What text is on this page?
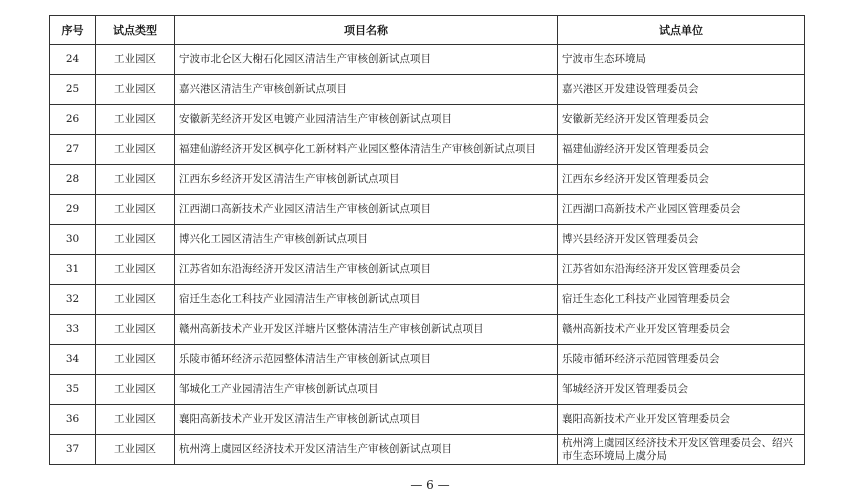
序号	试点类型	项目名称	试点单位
24	工业园区	宁波市北仑区大榭石化园区清洁生产审核创新试点项目	宁波市生态环境局
25	工业园区	嘉兴港区清洁生产审核创新试点项目	嘉兴港区开发建设管理委员会
26	工业园区	安徽新芜经济开发区电镀产业园清洁生产审核创新试点项目	安徽新芜经济开发区管理委员会
27	工业园区	福建仙游经济开发区枫亭化工新材料产业园区整体清洁生产审核创新试点项目	福建仙游经济开发区管理委员会
28	工业园区	江西东乡经济开发区清洁生产审核创新试点项目	江西东乡经济开发区管理委员会
29	工业园区	江西湖口高新技术产业园区清洁生产审核创新试点项目	江西湖口高新技术产业园区管理委员会
30	工业园区	博兴化工园区清洁生产审核创新试点项目	博兴县经济开发区管理委员会
31	工业园区	江苏省如东沿海经济开发区清洁生产审核创新试点项目	江苏省如东沿海经济开发区管理委员会
32	工业园区	宿迁生态化工科技产业园清洁生产审核创新试点项目	宿迁生态化工科技产业园管理委员会
33	工业园区	赣州高新技术产业开发区洋塘片区整体清洁生产审核创新试点项目	赣州高新技术产业开发区管理委员会
34	工业园区	乐陵市循环经济示范园整体清洁生产审核创新试点项目	乐陵市循环经济示范园管理委员会
35	工业园区	邹城化工产业园清洁生产审核创新试点项目	邹城经济开发区管理委员会
36	工业园区	襄阳高新技术产业开发区清洁生产审核创新试点项目	襄阳高新技术产业开发区管理委员会
37	工业园区	杭州湾上虞园区经济技术开发区清洁生产审核创新试点项目	杭州湾上虞园区经济技术开发区管理委员会、绍兴市生态环境局上虞分局
— 6 —
